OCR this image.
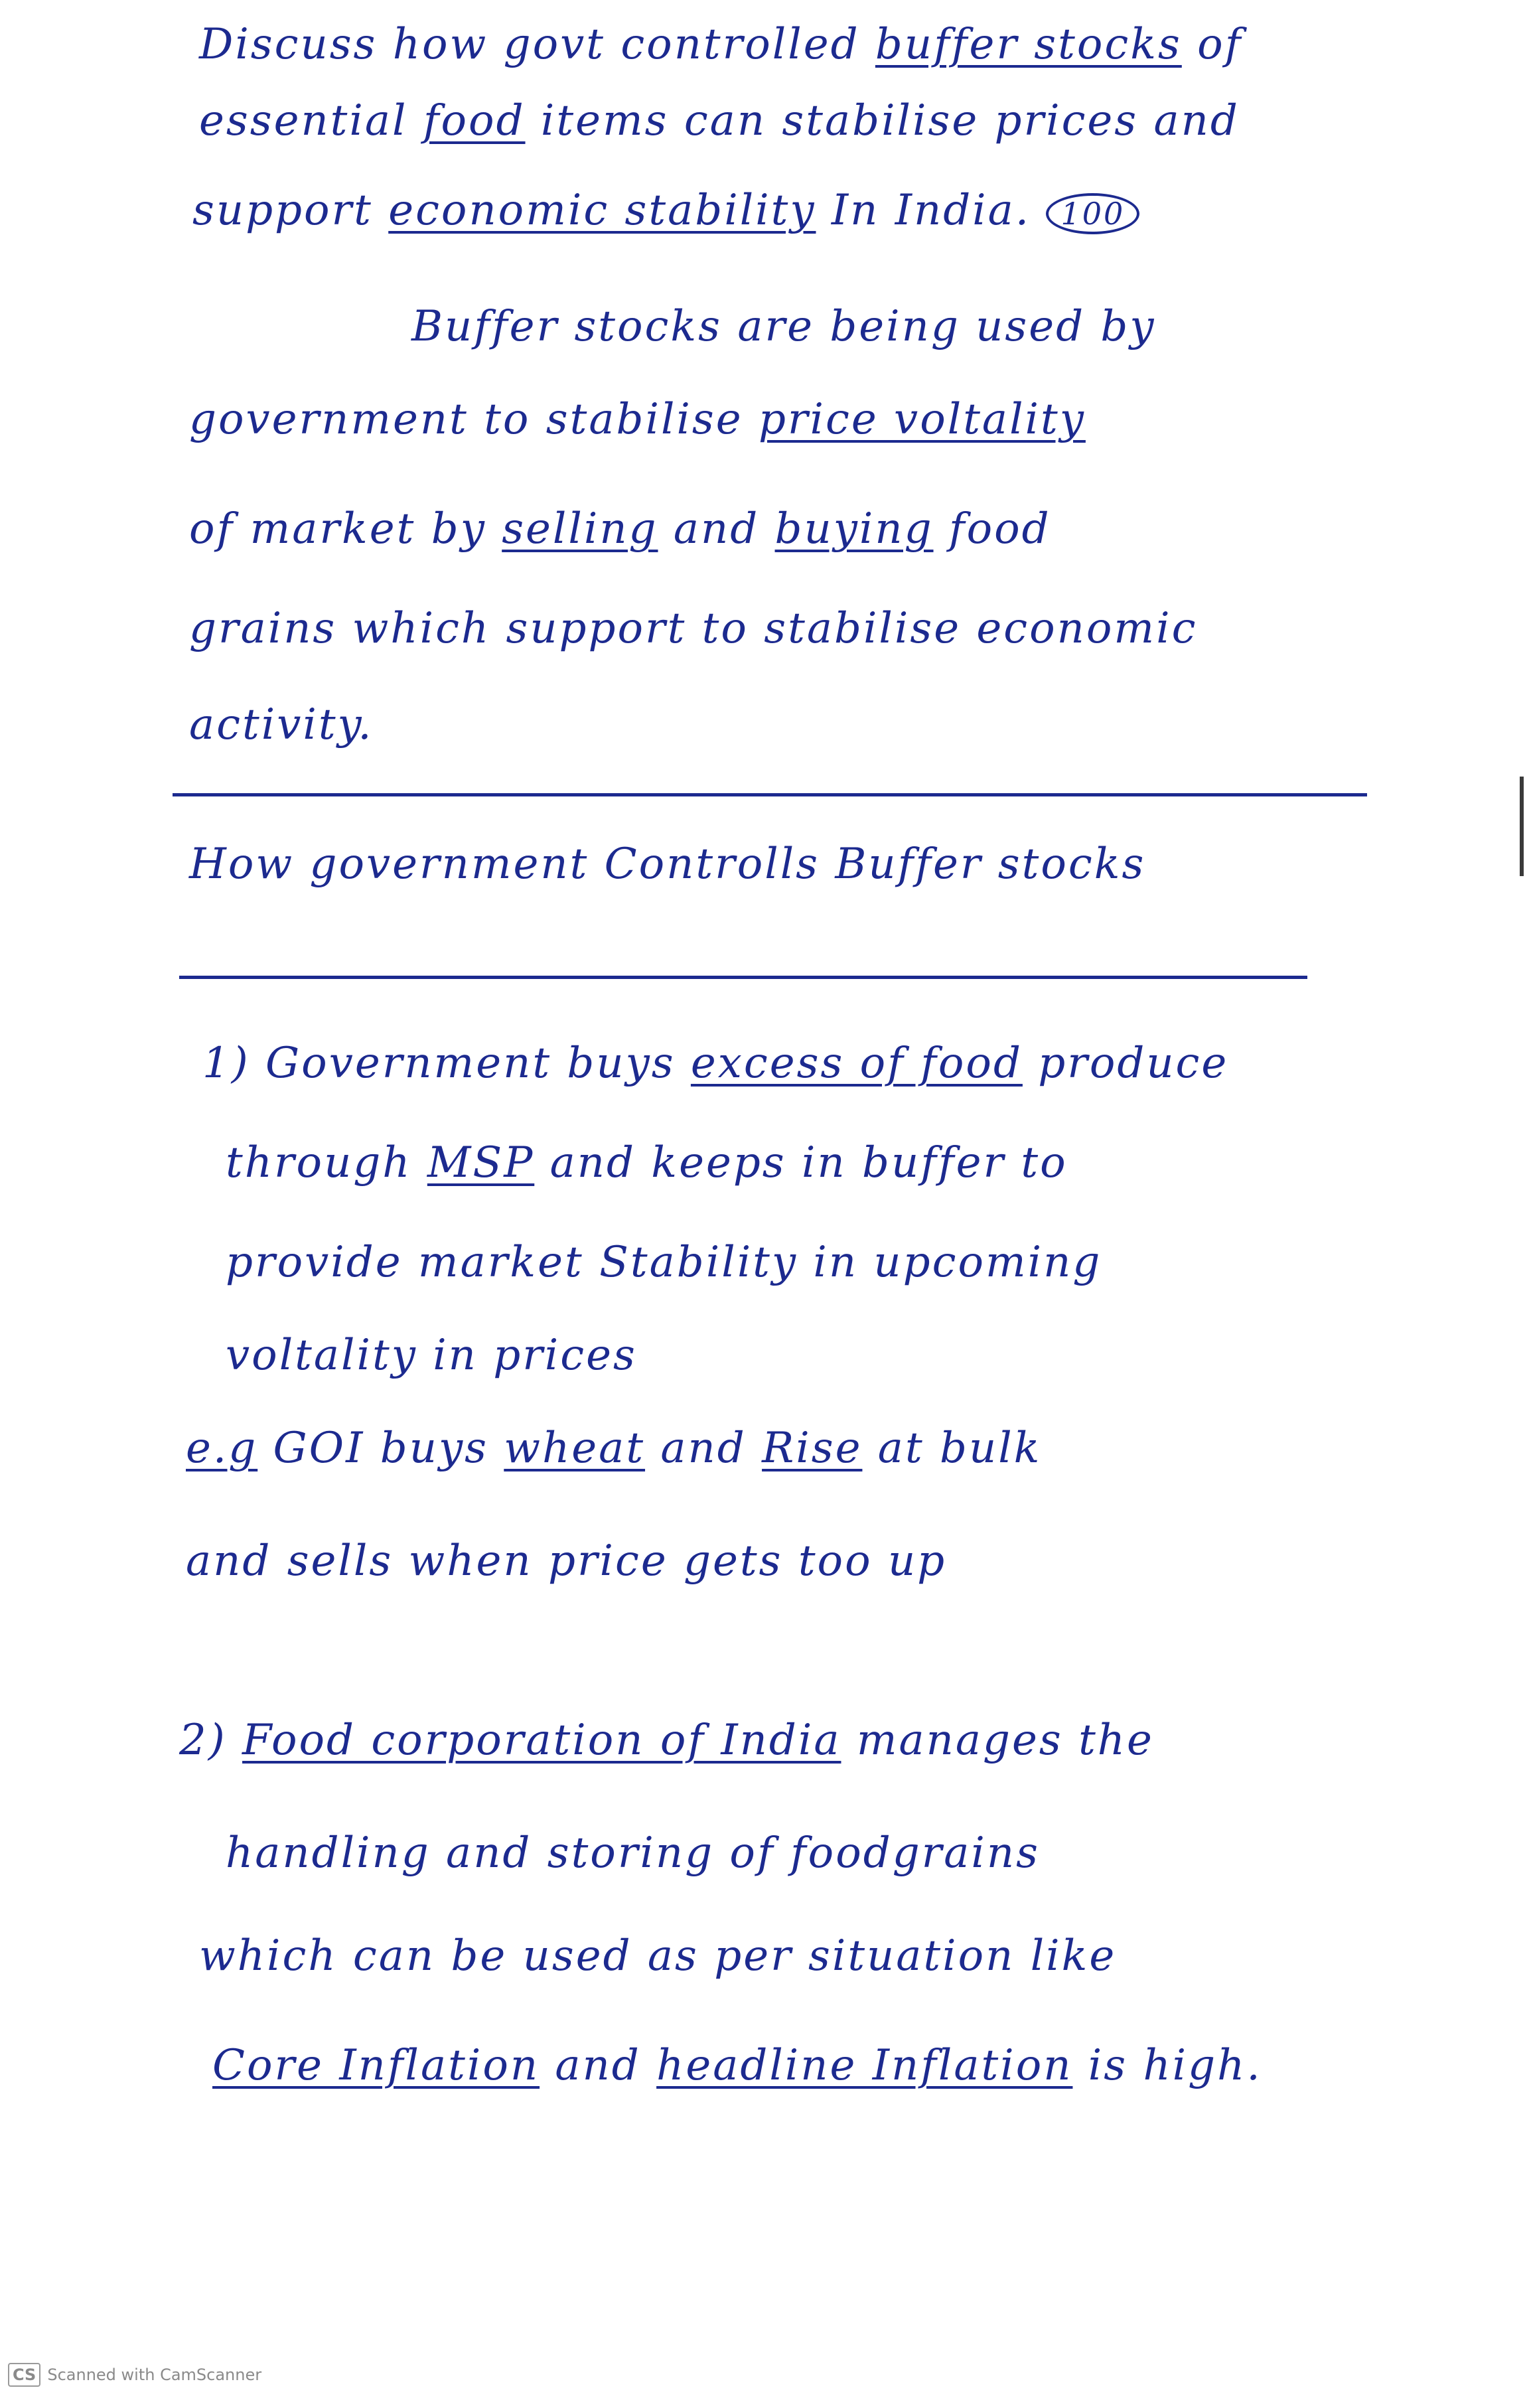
Discuss how govt controlled buffer stocks of
essential food items can stabilise prices and
support economic stability In India. 100
Buffer stocks are being used by
government to stabilise price voltality
of market by selling and buying food
grains which support to stabilise economic
activity.
How government Controlls Buffer stocks
1) Government buys excess of food produce
through MSP and keeps in buffer to
provide market Stability in upcoming
voltality in prices
e.g GOI buys wheat and Rise at bulk
and sells when price gets too up
2) Food corporation of India manages the
handling and storing of foodgrains
which can be used as per situation like
Core Inflation and headline Inflation is high.
CS Scanned with CamScanner
